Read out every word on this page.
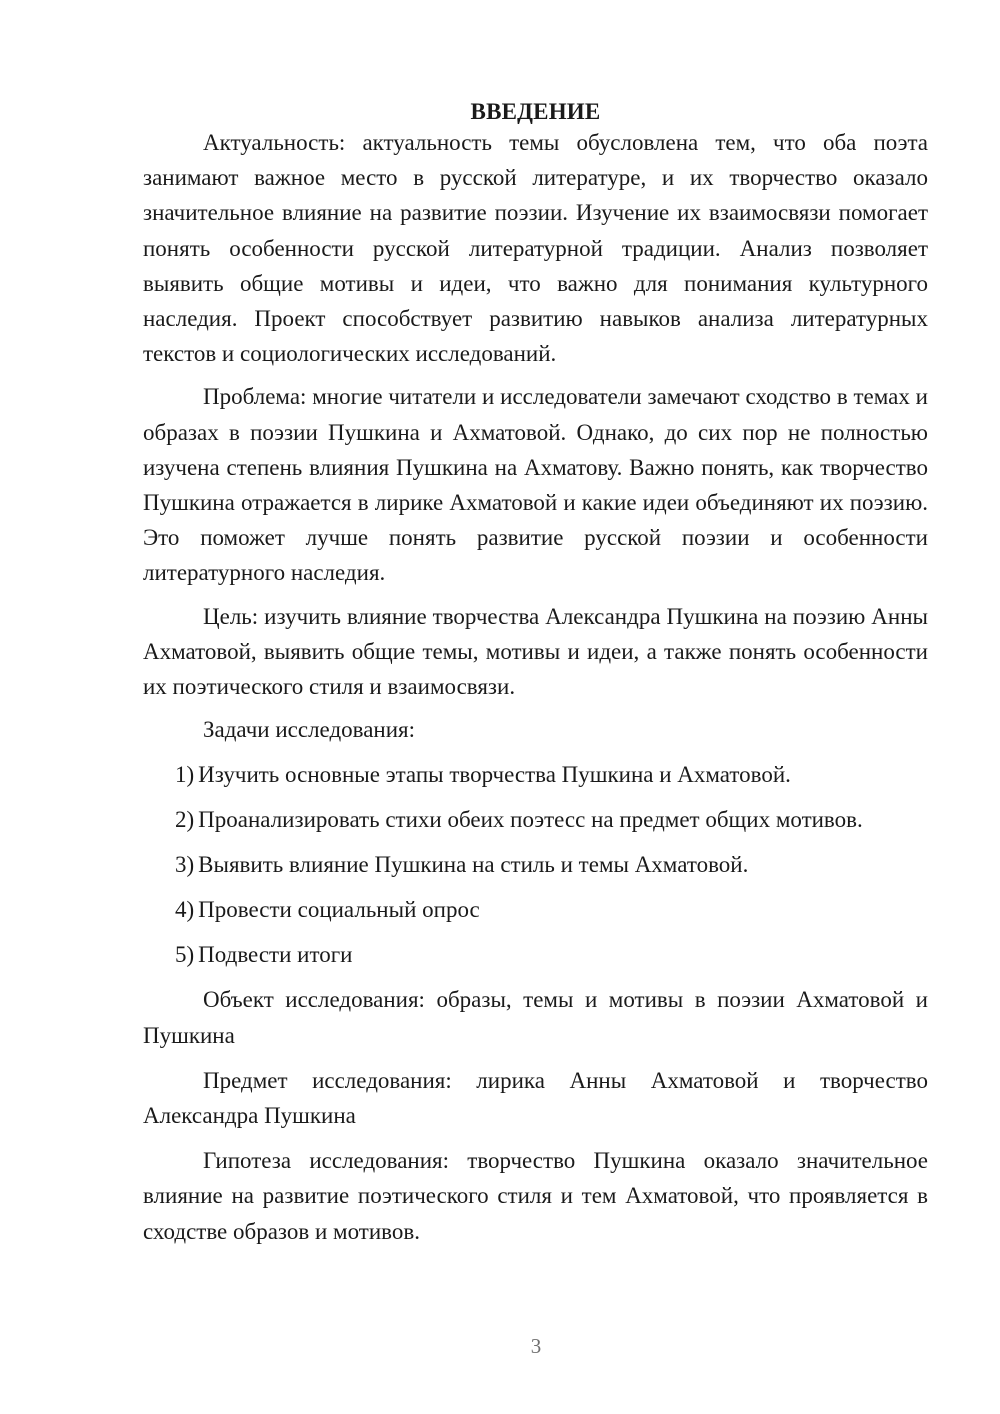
ВВЕДЕНИЕ

Актуальность: актуальность темы обусловлена тем, что оба поэта занимают важное место в русской литературе, и их творчество оказало значительное влияние на развитие поэзии. Изучение их взаимосвязи помогает понять особенности русской литературной традиции. Анализ позволяет выявить общие мотивы и идеи, что важно для понимания культурного наследия. Проект способствует развитию навыков анализа литературных текстов и социологических исследований.

Проблема: многие читатели и исследователи замечают сходство в темах и образах в поэзии Пушкина и Ахматовой. Однако, до сих пор не полностью изучена степень влияния Пушкина на Ахматову. Важно понять, как творчество Пушкина отражается в лирике Ахматовой и какие идеи объединяют их поэзию. Это поможет лучше понять развитие русской поэзии и особенности литературного наследия.

Цель: изучить влияние творчества Александра Пушкина на поэзию Анны Ахматовой, выявить общие темы, мотивы и идеи, а также понять особенности их поэтического стиля и взаимосвязи.

Задачи исследования:

1) Изучить основные этапы творчества Пушкина и Ахматовой.
2) Проанализировать стихи обеих поэтесс на предмет общих мотивов.
3) Выявить влияние Пушкина на стиль и темы Ахматовой.
4) Провести социальный опрос
5) Подвести итоги

Объект исследования: образы, темы и мотивы в поэзии Ахматовой и Пушкина

Предмет исследования: лирика Анны Ахматовой и творчество Александра Пушкина

Гипотеза исследования: творчество Пушкина оказало значительное влияние на развитие поэтического стиля и тем Ахматовой, что проявляется в сходстве образов и мотивов.

3
